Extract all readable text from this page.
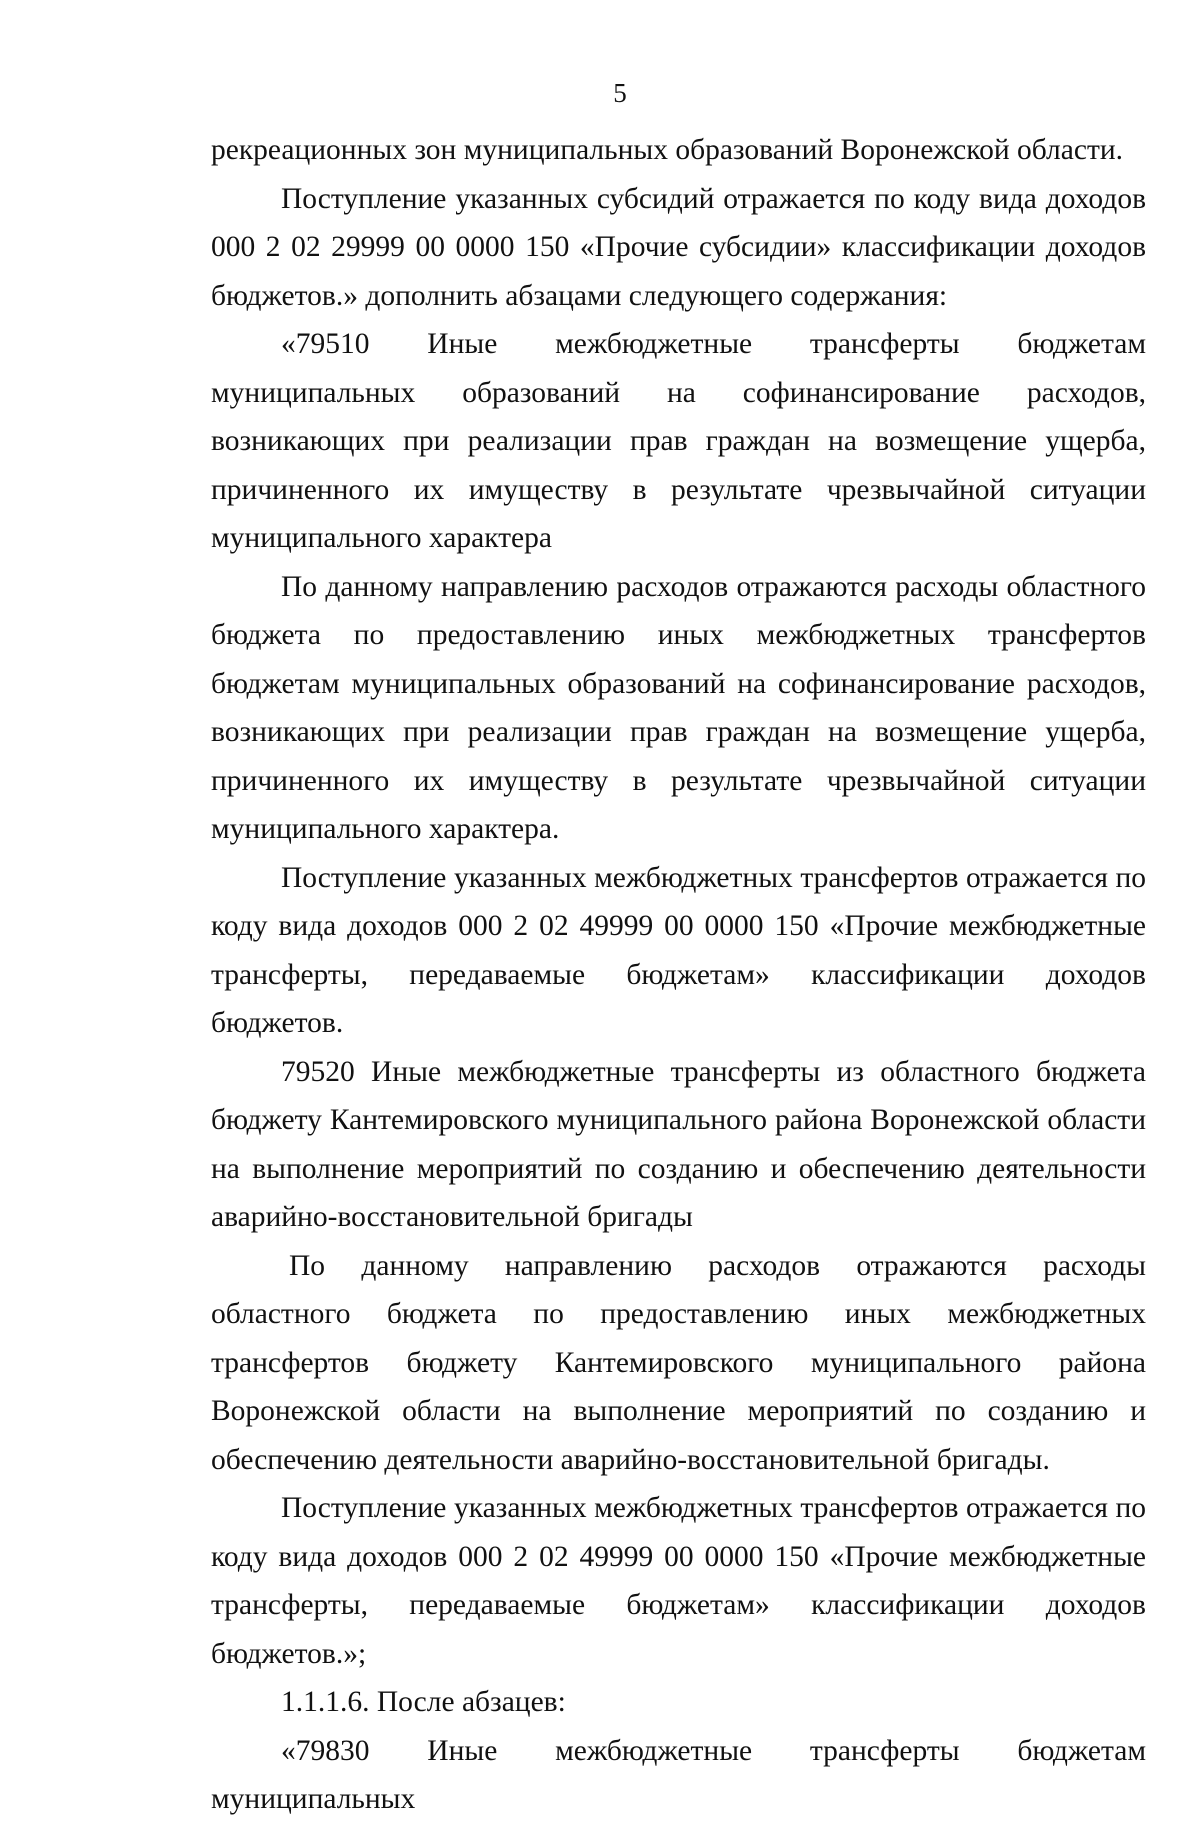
5

рекреационных зон муниципальных образований Воронежской области.

Поступление указанных субсидий отражается по коду вида доходов 000 2 02 29999 00 0000 150 «Прочие субсидии» классификации доходов бюджетов.» дополнить абзацами следующего содержания:

«79510 Иные межбюджетные трансферты бюджетам муниципальных образований на софинансирование расходов, возникающих при реализации прав граждан на возмещение ущерба, причиненного их имуществу в результате чрезвычайной ситуации муниципального характера

По данному направлению расходов отражаются расходы областного бюджета по предоставлению иных межбюджетных трансфертов бюджетам муниципальных образований на софинансирование расходов, возникающих при реализации прав граждан на возмещение ущерба, причиненного их имуществу в результате чрезвычайной ситуации муниципального характера.

Поступление указанных межбюджетных трансфертов отражается по коду вида доходов 000 2 02 49999 00 0000 150 «Прочие межбюджетные трансферты, передаваемые бюджетам» классификации доходов бюджетов.

79520 Иные межбюджетные трансферты из областного бюджета бюджету Кантемировского муниципального района Воронежской области на выполнение мероприятий по созданию и обеспечению деятельности аварийно-восстановительной бригады

По данному направлению расходов отражаются расходы областного бюджета по предоставлению иных межбюджетных трансфертов бюджету Кантемировского муниципального района Воронежской области на выполнение мероприятий по созданию и обеспечению деятельности аварийно-восстановительной бригады.

Поступление указанных межбюджетных трансфертов отражается по коду вида доходов 000 2 02 49999 00 0000 150 «Прочие межбюджетные трансферты, передаваемые бюджетам» классификации доходов бюджетов.»;

1.1.1.6. После абзацев:

«79830 Иные межбюджетные трансферты бюджетам муниципальных
